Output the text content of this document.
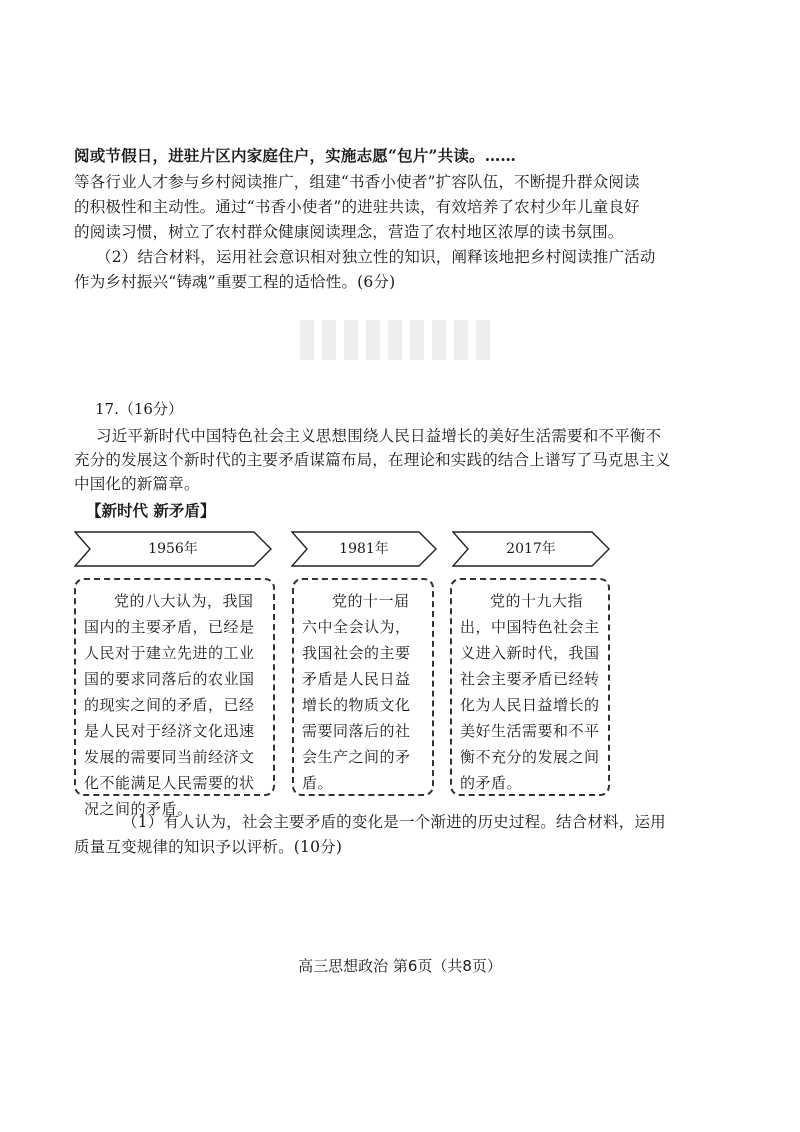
阅或节假日，进驻片区内家庭住户，实施志愿“包片”共读。……
等各行业人才参与乡村阅读推广，组建“书香小使者”扩容队伍，不断提升群众阅读
的积极性和主动性。通过“书香小使者”的进驻共读，有效培养了农村少年儿童良好
的阅读习惯，树立了农村群众健康阅读理念，营造了农村地区浓厚的读书氛围。
（2）结合材料，运用社会意识相对独立性的知识，阐释该地把乡村阅读推广活动
作为乡村振兴“铸魂”重要工程的适恰性。(6分)
17.（16分）
习近平新时代中国特色社会主义思想围绕人民日益增长的美好生活需要和不平衡不
充分的发展这个新时代的主要矛盾谋篇布局，在理论和实践的结合上谱写了马克思主义
中国化的新篇章。
【新时代 新矛盾】
1956年	1981年	2017年

党的八大认为，我国国内的主要矛盾，已经是人民对于建立先进的工业国的要求同落后的农业国的现实之间的矛盾，已经是人民对于经济文化迅速发展的需要同当前经济文化不能满足人民需要的状况之间的矛盾。

党的十一届六中全会认为，我国社会的主要矛盾是人民日益增长的物质文化需要同落后的社会生产之间的矛盾。

党的十九大指出，中国特色社会主义进入新时代，我国社会主要矛盾已经转化为人民日益增长的美好生活需要和不平衡不充分的发展之间的矛盾。

（1）有人认为，社会主要矛盾的变化是一个渐进的历史过程。结合材料，运用
质量互变规律的知识予以评析。(10分)
高三思想政治 第6页（共8页）
